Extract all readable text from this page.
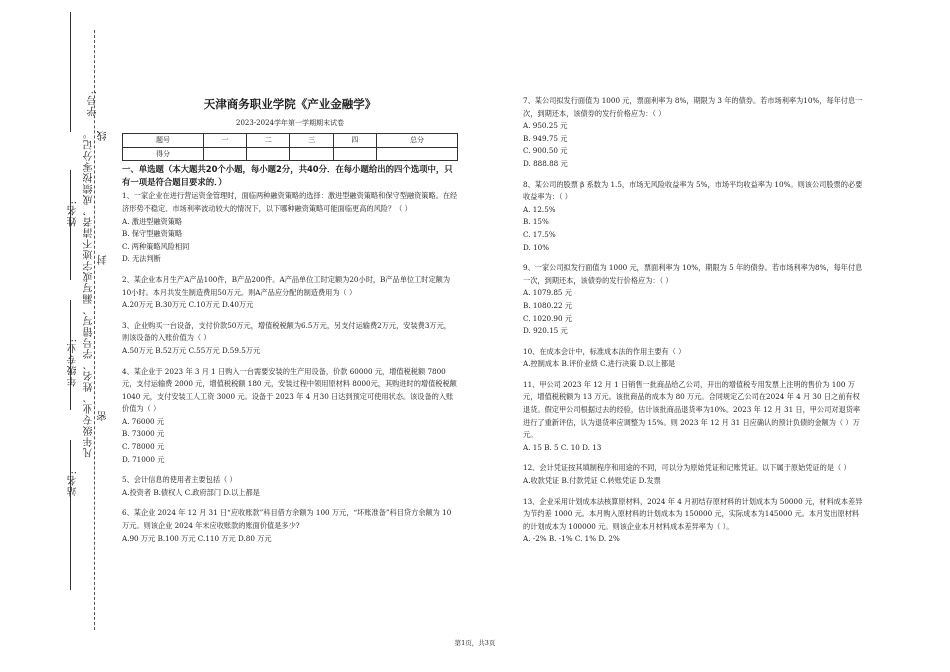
学号:
姓名:
年级专业:
站名:
凡年级专业、姓名、学号错写、漏写或字迹不清者，成绩按零分记。 密
封
线
天津商务职业学院《产业金融学》
2023-2024学年第一学期期末试卷
题号	一	二	三	四	总分
得分					
一、单选题（本大题共20个小题，每小题2分，共40分．在每小题给出的四个选项中，只有一项是符合题目要求的．）

1、一家企业在进行营运资金管理时，面临两种融资策略的选择：激进型融资策略和保守型融资策略。在经济形势不稳定、市场利率波动较大的情况下，以下哪种融资策略可能面临更高的风险？（ ）

A. 激进型融资策略
B. 保守型融资策略
C. 两种策略风险相同
D. 无法判断

2、某企业本月生产A产品100件，B产品200件。A产品单位工时定额为20小时，B产品单位工时定额为10小时。本月共发生制造费用50万元。则A产品应分配的制造费用为（ ）

A.20万元 B.30万元 C.10万元 D.40万元

3、企业购买一台设备，支付价款50万元，增值税税额为6.5万元，另支付运输费2万元，安装费3万元，则该设备的入账价值为（ ）

A.50万元 B.52万元 C.55万元 D.59.5万元

4、某企业于 2023 年 3 月 1 日购入一台需要安装的生产用设备，价款 60000 元，增值税税额 7800 元，支付运输费 2000 元，增值税税额 180 元，安装过程中领用原材料 8000元，其购进时的增值税税额 1040 元，支付安装工人工资 3000 元。设备于 2023 年 4 月30 日达到预定可使用状态。该设备的入账价值为（ ）

A. 76000 元
B. 73000 元
C. 78000 元
D. 71000 元

5、会计信息的使用者主要包括（ ）

A.投资者 B.债权人 C.政府部门 D.以上都是

6、某企业 2024 年 12 月 31 日“应收账款”科目借方余额为 100 万元，“坏账准备”科目贷方余额为 10 万元。则该企业 2024 年末应收账款的账面价值是多少?

A.90 万元 B.100 万元 C.110 万元 D.80 万元

7、某公司拟发行面值为 1000 元，票面利率为 8%，期限为 3 年的债券。若市场利率为10%，每年付息一次，到期还本，该债券的发行价格应为：（ ）

A. 950.25 元
B. 949.75 元
C. 900.50 元
D. 888.88 元

8、某公司的股票 β 系数为 1.5，市场无风险收益率为 5%，市场平均收益率为 10%。则该公司股票的必要收益率为：（ ）

A. 12.5%
B. 15%
C. 17.5%
D. 10%

9、一家公司拟发行面值为 1000 元，票面利率为 10%，期限为 5 年的债券。若市场利率为8%，每年付息一次，到期还本，该债券的发行价格应为：（ ）

A. 1079.85 元
B. 1080.22 元
C. 1020.90 元
D. 920.15 元

10、在成本会计中，标准成本法的作用主要有（ ）

A.控制成本 B.评价业绩 C.进行决策 D.以上都是

11、甲公司 2023 年 12 月 1 日销售一批商品给乙公司，开出的增值税专用发票上注明的售价为 100 万元，增值税税额为 13 万元。该批商品的成本为 80 万元。合同规定乙公司在2024 年 4 月 30 日之前有权退货。假定甲公司根据过去的经验，估计该批商品退货率为10%。2023 年 12 月 31 日，甲公司对退货率进行了重新评估，认为退货率应调整为 15%。则 2023 年 12 月 31 日应确认的预计负债的金额为（ ）万元。

A. 15 B. 5 C. 10 D. 13

12、会计凭证按其填制程序和用途的不同，可以分为原始凭证和记账凭证。以下属于原始凭证的是（ ）

A.收款凭证 B.付款凭证 C.转账凭证 D.发票

13、企业采用计划成本法核算原材料，2024 年 4 月初结存原材料的计划成本为 50000 元，材料成本差异为节约差 1000 元。本月购入原材料的计划成本为 150000 元，实际成本为145000 元。本月发出原材料的计划成本为 100000 元。则该企业本月材料成本差异率为（ ）。

A. -2% B. -1% C. 1% D. 2%
第1页，共3页
